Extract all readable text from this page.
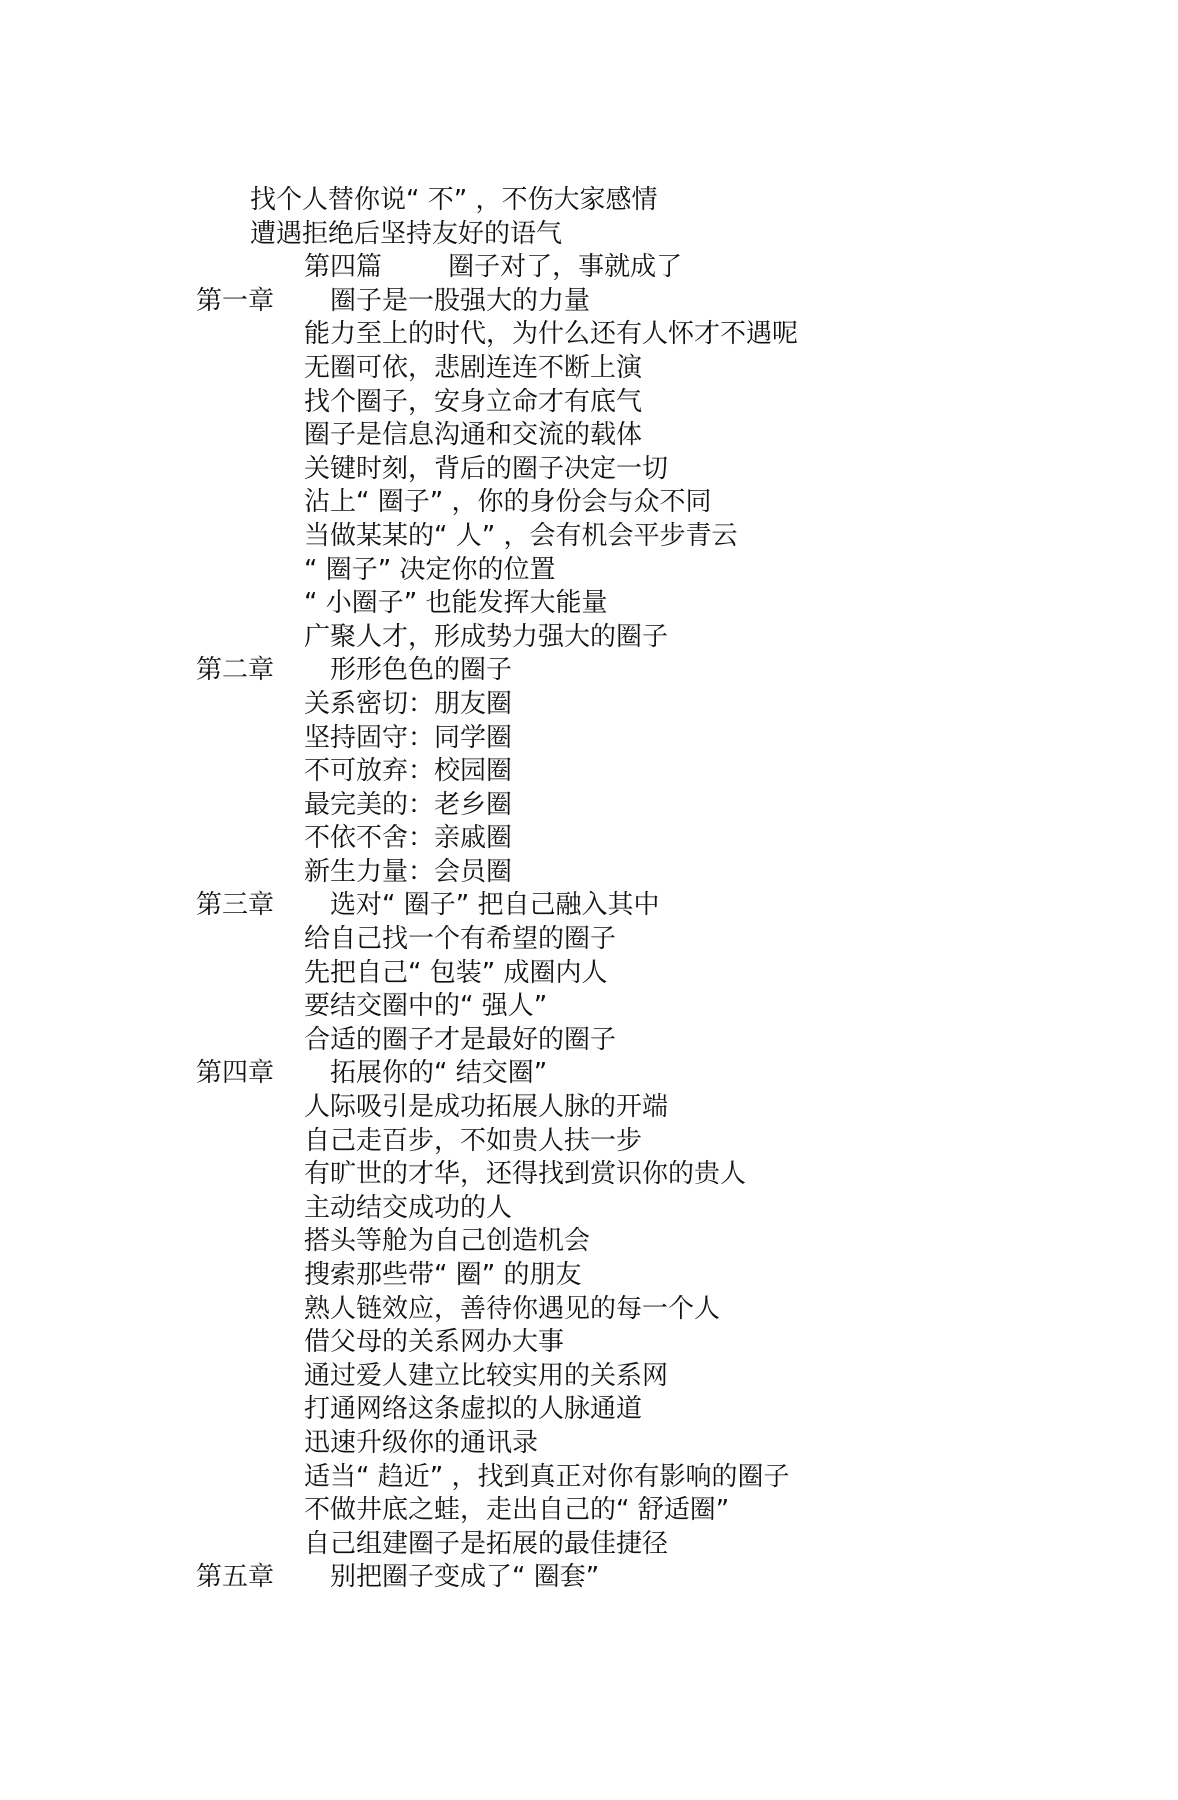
找个人替你说“ 不” ，不伤大家感情
遭遇拒绝后坚持友好的语气
第四篇	圈子对了，事就成了
第一章 圈子是一股强大的力量
能力至上的时代，为什么还有人怀才不遇呢
无圈可依，悲剧连连不断上演
找个圈子，安身立命才有底气
圈子是信息沟通和交流的载体
关键时刻，背后的圈子决定一切
沾上“ 圈子” ，你的身份会与众不同
当做某某的“ 人” ，会有机会平步青云
“ 圈子” 决定你的位置
“ 小圈子” 也能发挥大能量
广聚人才，形成势力强大的圈子
第二章 形形色色的圈子
关系密切：朋友圈
坚持固守：同学圈
不可放弃：校园圈
最完美的：老乡圈
不依不舍：亲戚圈
新生力量：会员圈
第三章 选对“ 圈子” 把自己融入其中
给自己找一个有希望的圈子
先把自己“ 包装” 成圈内人
要结交圈中的“ 强人”
合适的圈子才是最好的圈子
第四章 拓展你的“ 结交圈”
人际吸引是成功拓展人脉的开端
自己走百步，不如贵人扶一步
有旷世的才华，还得找到赏识你的贵人
主动结交成功的人
搭头等舱为自己创造机会
搜索那些带“ 圈” 的朋友
熟人链效应，善待你遇见的每一个人
借父母的关系网办大事
通过爱人建立比较实用的关系网
打通网络这条虚拟的人脉通道
迅速升级你的通讯录
适当“ 趋近” ，找到真正对你有影响的圈子
不做井底之蛙，走出自己的“ 舒适圈”
自己组建圈子是拓展的最佳捷径
第五章 别把圈子变成了“ 圈套”
